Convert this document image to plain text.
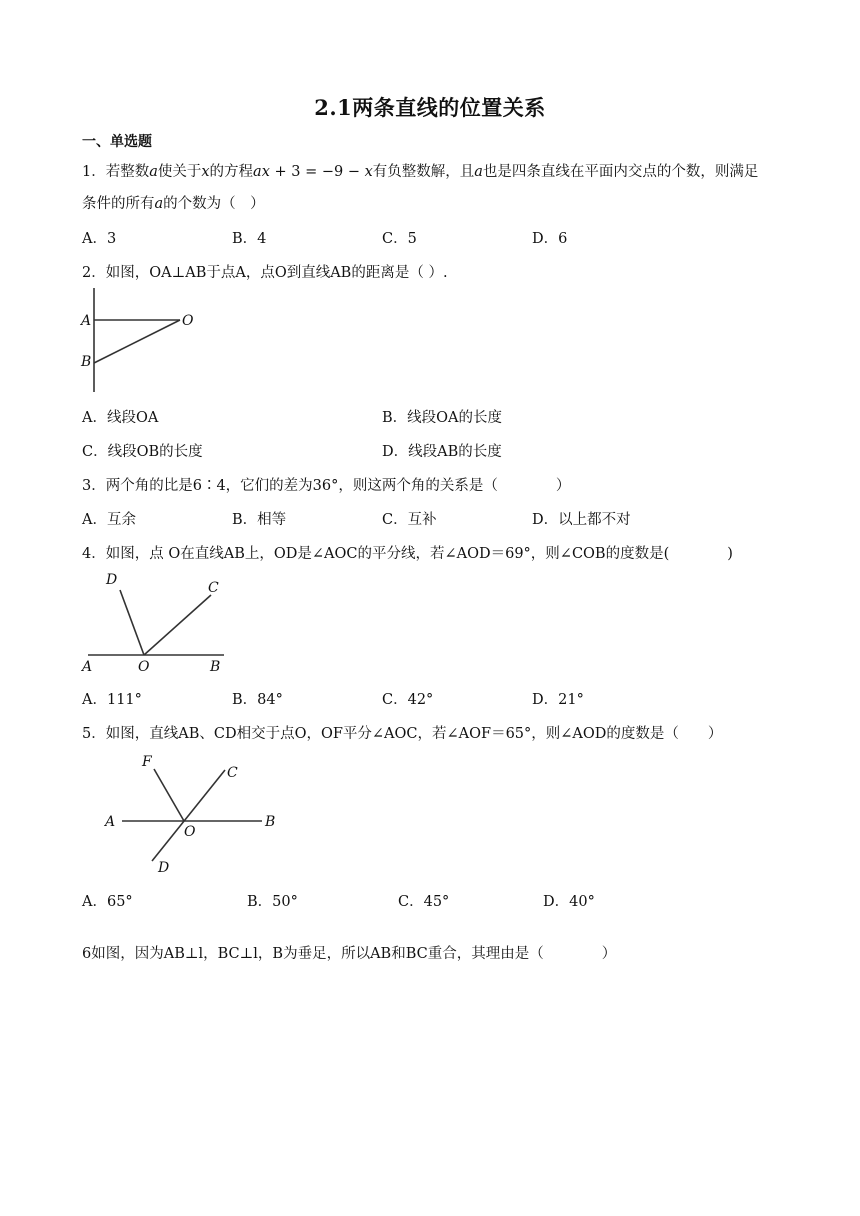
2.1两条直线的位置关系
一、单选题
1．若整数𝑎使关于𝑥的方程𝑎𝑥 + 3 = −9 − 𝑥有负整数解，且𝑎也是四条直线在平面内交点的个数，则满足
条件的所有𝑎的个数为（　）
A．3	B．4	C．5	D．6
2．如图，OA⊥AB于点A，点O到直线AB的距离是（ ）.
A	O
B
A．线段OA	B．线段OA的长度
C．线段OB的长度	D．线段AB的长度
3．两个角的比是6∶4，它们的差为36°，则这两个角的关系是（　　　　）
A．互余	B．相等	C．互补	D．以上都不对
4．如图，点 O在直线AB上，OD是∠AOC的平分线，若∠AOD＝69°，则∠COB的度数是(　　　　)
D	C
A	O	B
A．111°	B．84°	C．42°	D．21°
5．如图，直线AB、CD相交于点O，OF平分∠AOC，若∠AOF＝65°，则∠AOD的度数是（　　）
F
C
A
O
B
D
A．65°	B．50°	C．45°	D．40°
6如图，因为AB⊥l，BC⊥l，B为垂足，所以AB和BC重合，其理由是（　　　　）
